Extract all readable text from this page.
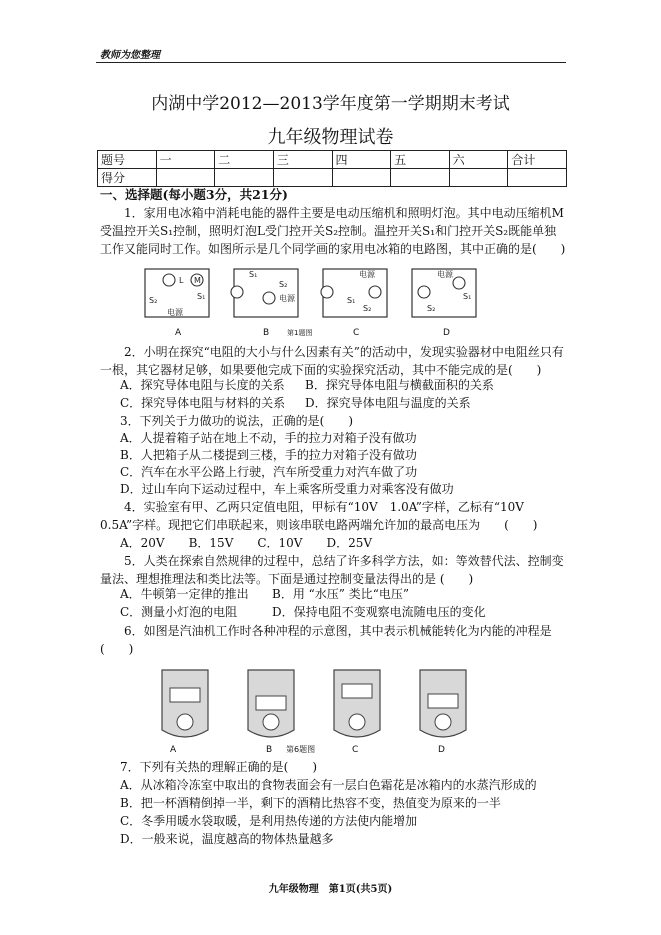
教师为您整理
内湖中学2012—2013学年度第一学期期末考试
九年级物理试卷
题号	一	二	三	四	五	六	合计
得分							
一、选择题(每小题3分，共21分)

1．家用电冰箱中消耗电能的器件主要是电动压缩机和照明灯泡。其中电动压缩机M受温控开关S₁控制，照明灯泡L受门控开关S₂控制。温控开关S₁和门控开关S₂既能单独工作又能同时工作。如图所示是几个同学画的家用电冰箱的电路图，其中正确的是(　　)

M
L
S₂	S₁
电源
S₁
S₂
电源
电源
S₁
S₂
电源
S₁
S₂
A	B	第1题图	C	D

2．小明在探究“电阻的大小与什么因素有关”的活动中，发现实验器材中电阻丝只有一根，其它器材足够，如果要他完成下面的实验探究活动，其中不能完成的是(　　)

A．探究导体电阻与长度的关系 B．探究导体电阻与横截面积的关系
C．探究导体电阻与材料的关系 D．探究导体电阻与温度的关系
3．下列关于力做功的说法，正确的是(　　)
A．人提着箱子站在地上不动，手的拉力对箱子没有做功
B．人把箱子从二楼提到三楼，手的拉力对箱子没有做功
C．汽车在水平公路上行驶，汽车所受重力对汽车做了功
D．过山车向下运动过程中，车上乘客所受重力对乘客没有做功

4．实验室有甲、乙两只定值电阻，甲标有“10V　1.0A”字样，乙标有“10V 0.5A”字样。现把它们串联起来，则该串联电路两端允许加的最高电压为　　(　　)

A．20V　　B．15V　　C．10V　　D．25V

5．人类在探索自然规律的过程中，总结了许多科学方法，如：等效替代法、控制变量法、理想推理法和类比法等。下面是通过控制变量法得出的是 (　　)

A．牛顿第一定律的推出 B．用 “水压” 类比“电压”
C．测量小灯泡的电阻	D．保持电阻不变观察电流随电压的变化

6．如图是汽油机工作时各种冲程的示意图，其中表示机械能转化为内能的冲程是 (　　)

A	B 第6题图	C	D
7．下列有关热的理解正确的是(　　)
A．从冰箱冷冻室中取出的食物表面会有一层白色霜花是冰箱内的水蒸汽形成的
B．把一杯酒精倒掉一半，剩下的酒精比热容不变，热值变为原来的一半
C．冬季用暖水袋取暖，是利用热传递的方法使内能增加
D．一般来说，温度越高的物体热量越多
九年级物理　第1页(共5页)
